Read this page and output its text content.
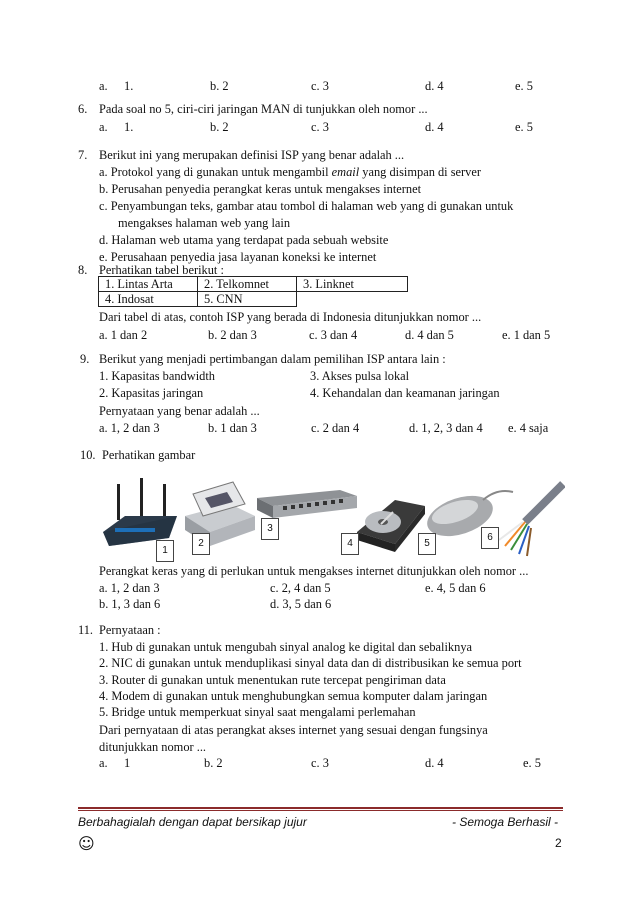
a. 1.	b. 2	c. 3	d. 4	e. 5
6. Pada soal no 5, ciri-ciri jaringan MAN di tunjukkan oleh nomor ...
a. 1.	b. 2	c. 3	d. 4	e. 5
7. Berikut ini yang merupakan definisi ISP yang benar adalah ...
a. Protokol yang di gunakan untuk mengambil email yang disimpan di server
b. Perusahan penyedia perangkat keras untuk mengakses internet
c. Penyambungan teks, gambar atau tombol di halaman web yang di gunakan untuk
mengakses halaman web yang lain
d. Halaman web utama yang terdapat pada sebuah website
e. Perusahaan penyedia jasa layanan koneksi ke internet
8. Perhatikan tabel berikut :
1. Lintas Arta	2. Telkomnet	3. Linknet
4. Indosat	5. CNN	
Dari tabel di atas, contoh ISP yang berada di Indonesia ditunjukkan nomor ...
a. 1 dan 2	b. 2 dan 3	c. 3 dan 4	d. 4 dan 5	e. 1 dan 5
9. Berikut yang menjadi pertimbangan dalam pemilihan ISP antara lain :
1. Kapasitas bandwidth	3. Akses pulsa lokal
2. Kapasitas jaringan	4. Kehandalan dan keamanan jaringan
Pernyataan yang benar adalah ...
a. 1, 2 dan 3	b. 1 dan 3	c. 2 dan 4	d. 1, 2, 3 dan 4 e. 4 saja
10. Perhatikan gambar
1
2
3
4	5
6
Perangkat keras yang di perlukan untuk mengakses internet ditunjukkan oleh nomor ...
a. 1, 2 dan 3	c. 2, 4 dan 5	e. 4, 5 dan 6
b. 1, 3 dan 6	d. 3, 5 dan 6
11. Pernyataan :
1. Hub di gunakan untuk mengubah sinyal analog ke digital dan sebaliknya
2. NIC di gunakan untuk menduplikasi sinyal data dan di distribusikan ke semua port
3. Router di gunakan untuk menentukan rute tercepat pengiriman data
4. Modem di gunakan untuk menghubungkan semua komputer dalam jaringan
5. Bridge untuk memperkuat sinyal saat mengalami perlemahan
Dari pernyataan di atas perangkat akses internet yang sesuai dengan fungsinya
ditunjukkan nomor ...
a. 1	b. 2	c. 3	d. 4	e. 5
Berbahagialah dengan dapat bersikap jujur	- Semoga Berhasil -
☺	2
